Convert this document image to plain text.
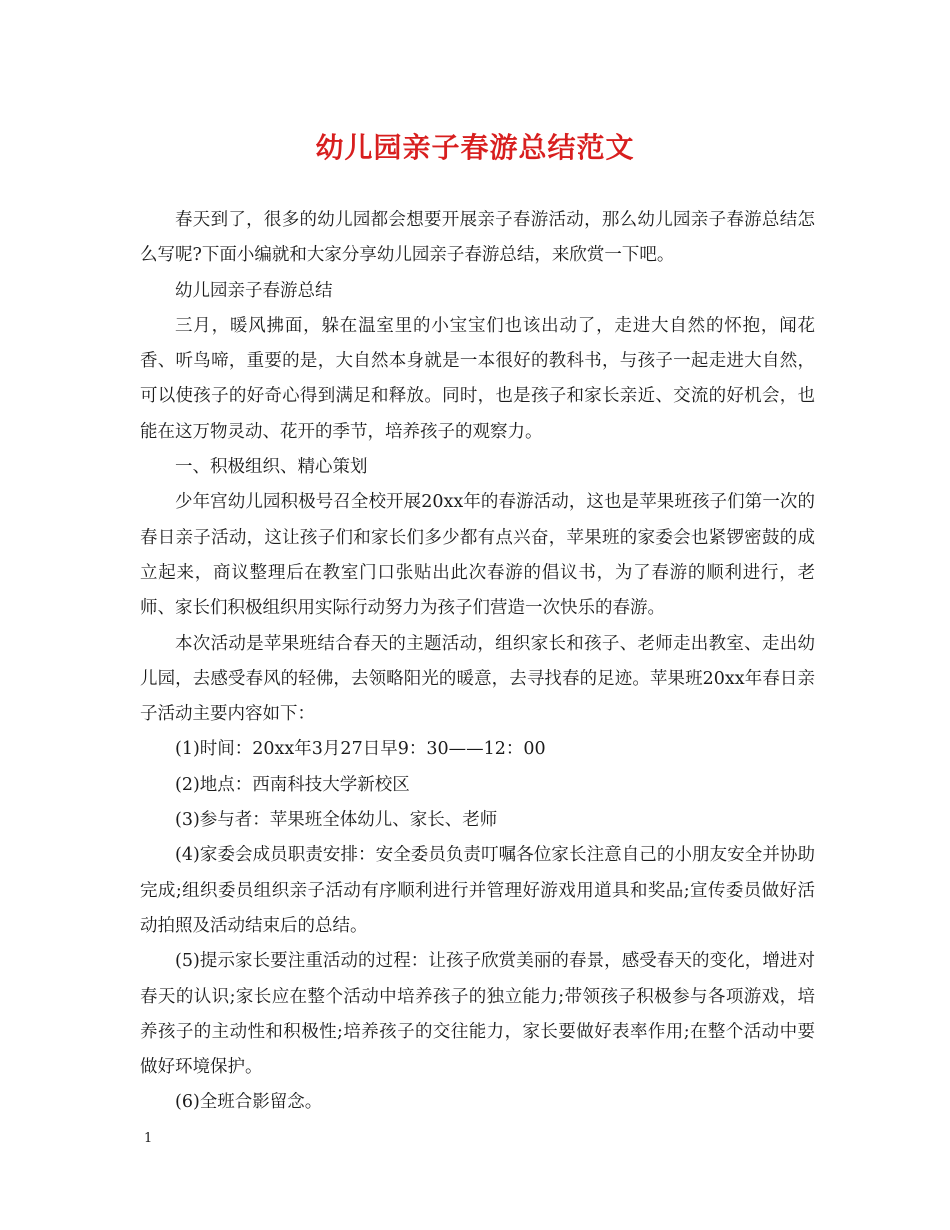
幼儿园亲子春游总结范文

春天到了，很多的幼儿园都会想要开展亲子春游活动，那么幼儿园亲子春游总结怎么写呢?下面小编就和大家分享幼儿园亲子春游总结，来欣赏一下吧。

幼儿园亲子春游总结

三月，暖风拂面，躲在温室里的小宝宝们也该出动了，走进大自然的怀抱，闻花香、听鸟啼，重要的是，大自然本身就是一本很好的教科书，与孩子一起走进大自然，可以使孩子的好奇心得到满足和释放。同时，也是孩子和家长亲近、交流的好机会，也能在这万物灵动、花开的季节，培养孩子的观察力。

一、积极组织、精心策划

少年宫幼儿园积极号召全校开展20xx年的春游活动，这也是苹果班孩子们第一次的春日亲子活动，这让孩子们和家长们多少都有点兴奋，苹果班的家委会也紧锣密鼓的成立起来，商议整理后在教室门口张贴出此次春游的倡议书，为了春游的顺利进行，老师、家长们积极组织用实际行动努力为孩子们营造一次快乐的春游。

本次活动是苹果班结合春天的主题活动，组织家长和孩子、老师走出教室、走出幼儿园，去感受春风的轻佛，去领略阳光的暖意，去寻找春的足迹。苹果班20xx年春日亲子活动主要内容如下：

(1)时间：20xx年3月27日早9：30——12：00

(2)地点：西南科技大学新校区

(3)参与者：苹果班全体幼儿、家长、老师

(4)家委会成员职责安排：安全委员负责叮嘱各位家长注意自己的小朋友安全并协助完成;组织委员组织亲子活动有序顺利进行并管理好游戏用道具和奖品;宣传委员做好活动拍照及活动结束后的总结。

(5)提示家长要注重活动的过程：让孩子欣赏美丽的春景，感受春天的变化，增进对春天的认识;家长应在整个活动中培养孩子的独立能力;带领孩子积极参与各项游戏，培养孩子的主动性和积极性;培养孩子的交往能力，家长要做好表率作用;在整个活动中要做好环境保护。

(6)全班合影留念。

1
